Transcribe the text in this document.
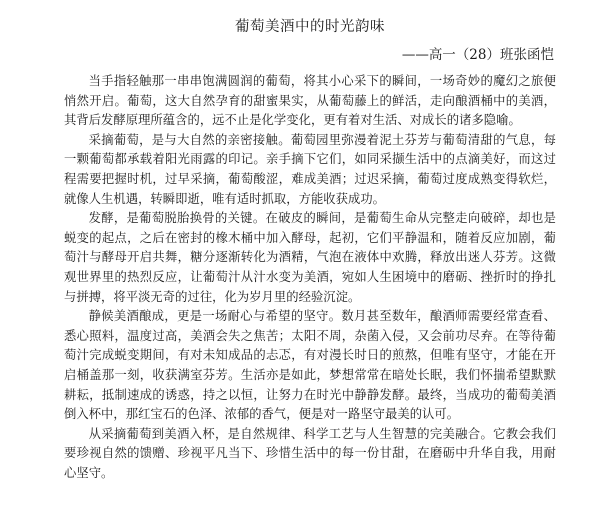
葡萄美酒中的时光韵味
——高一（28）班张函恺

当手指轻触那一串串饱满圆润的葡萄，将其小心采下的瞬间，一场奇妙的魔幻之旅便悄然开启。葡萄，这大自然孕育的甜蜜果实，从葡萄藤上的鲜活，走向酿酒桶中的美酒，其背后发酵原理所蕴含的，远不止是化学变化，更有着对生活、对成长的诸多隐喻。

采摘葡萄，是与大自然的亲密接触。葡萄园里弥漫着泥土芬芳与葡萄清甜的气息，每一颗葡萄都承载着阳光雨露的印记。亲手摘下它们，如同采撷生活中的点滴美好，而这过程需要把握时机，过早采摘，葡萄酸涩，难成美酒；过迟采摘，葡萄过度成熟变得软烂，就像人生机遇，转瞬即逝，唯有适时抓取，方能收获成功。

发酵，是葡萄脱胎换骨的关键。在破皮的瞬间，是葡萄生命从完整走向破碎，却也是蜕变的起点，之后在密封的橡木桶中加入酵母，起初，它们平静温和，随着反应加剧，葡萄汁与酵母开启共舞，糖分逐渐转化为酒精，气泡在液体中欢腾，释放出迷人芬芳。这微观世界里的热烈反应，让葡萄汁从汁水变为美酒，宛如人生困境中的磨砺、挫折时的挣扎与拼搏，将平淡无奇的过往，化为岁月里的经验沉淀。

静候美酒酿成，更是一场耐心与希望的坚守。数月甚至数年，酿酒师需要经常查看、悉心照料，温度过高，美酒会失之焦苦；太阳不周，杂菌入侵，又会前功尽弃。在等待葡萄汁完成蜕变期间，有对未知成品的忐忑，有对漫长时日的煎熬，但唯有坚守，才能在开启桶盖那一刻，收获满室芬芳。生活亦是如此，梦想常常在暗处长眠，我们怀揣希望默默耕耘，抵制速成的诱惑，持之以恒，让努力在时光中静静发酵。最终，当成功的葡萄美酒倒入杯中，那红宝石的色泽、浓郁的香气，便是对一路坚守最美的认可。

从采摘葡萄到美酒入杯，是自然规律、科学工艺与人生智慧的完美融合。它教会我们要珍视自然的馈赠、珍视平凡当下、珍惜生活中的每一份甘甜，在磨砺中升华自我，用耐心坚守。
